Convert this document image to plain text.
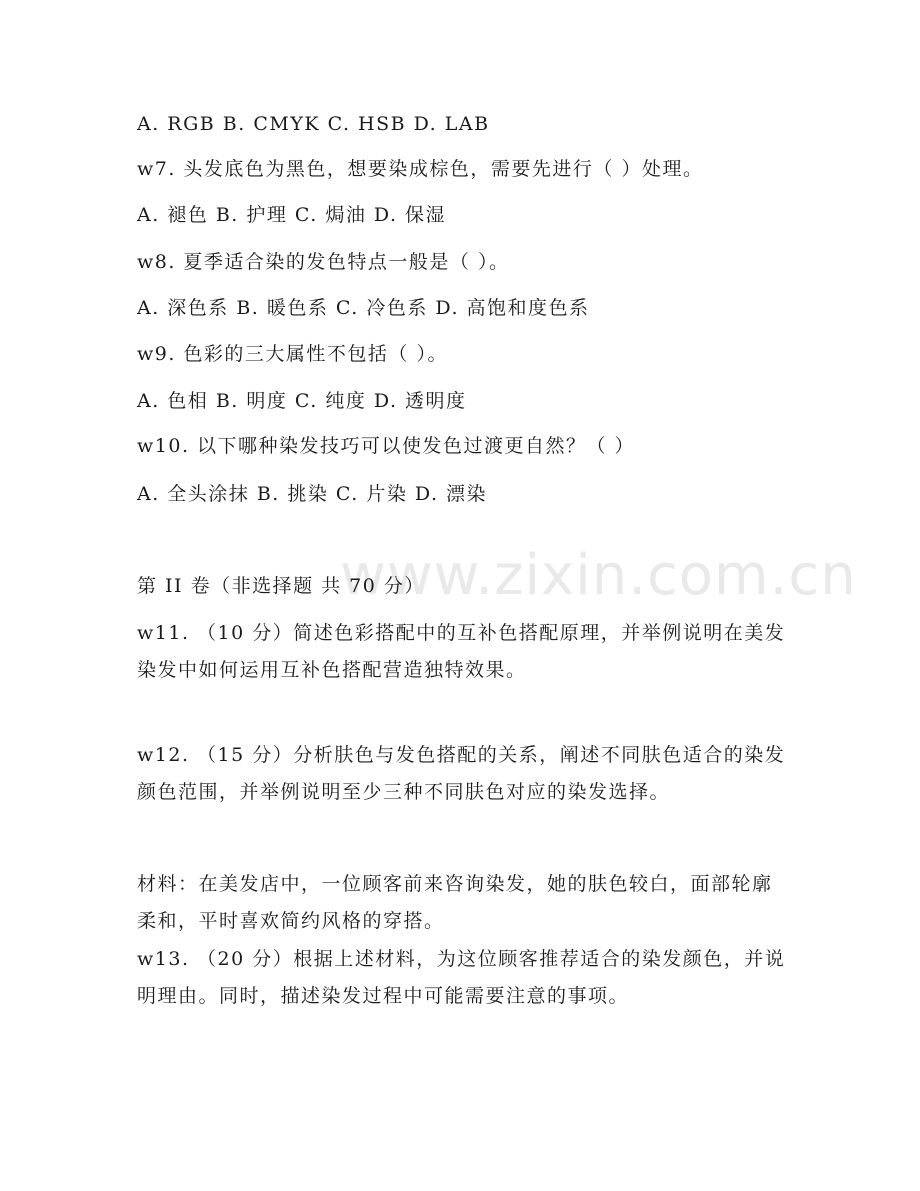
www.zixin.com.cn
A. RGB B. CMYK C. HSB D. LAB
w7. 头发底色为黑色，想要染成棕色，需要先进行（ ）处理。
A. 褪色 B. 护理 C. 焗油 D. 保湿
w8. 夏季适合染的发色特点一般是（ ）。
A. 深色系 B. 暖色系 C. 冷色系 D. 高饱和度色系
w9. 色彩的三大属性不包括（ ）。
A. 色相 B. 明度 C. 纯度 D. 透明度
w10. 以下哪种染发技巧可以使发色过渡更自然？（ ）
A. 全头涂抹 B. 挑染 C. 片染 D. 漂染
第 II 卷（非选择题 共 70 分）
w11. （10 分）简述色彩搭配中的互补色搭配原理，并举例说明在美发染发中如何运用互补色搭配营造独特效果。
w12. （15 分）分析肤色与发色搭配的关系，阐述不同肤色适合的染发颜色范围，并举例说明至少三种不同肤色对应的染发选择。
材料：在美发店中，一位顾客前来咨询染发，她的肤色较白，面部轮廓柔和，平时喜欢简约风格的穿搭。
w13. （20 分）根据上述材料，为这位顾客推荐适合的染发颜色，并说明理由。同时，描述染发过程中可能需要注意的事项。
